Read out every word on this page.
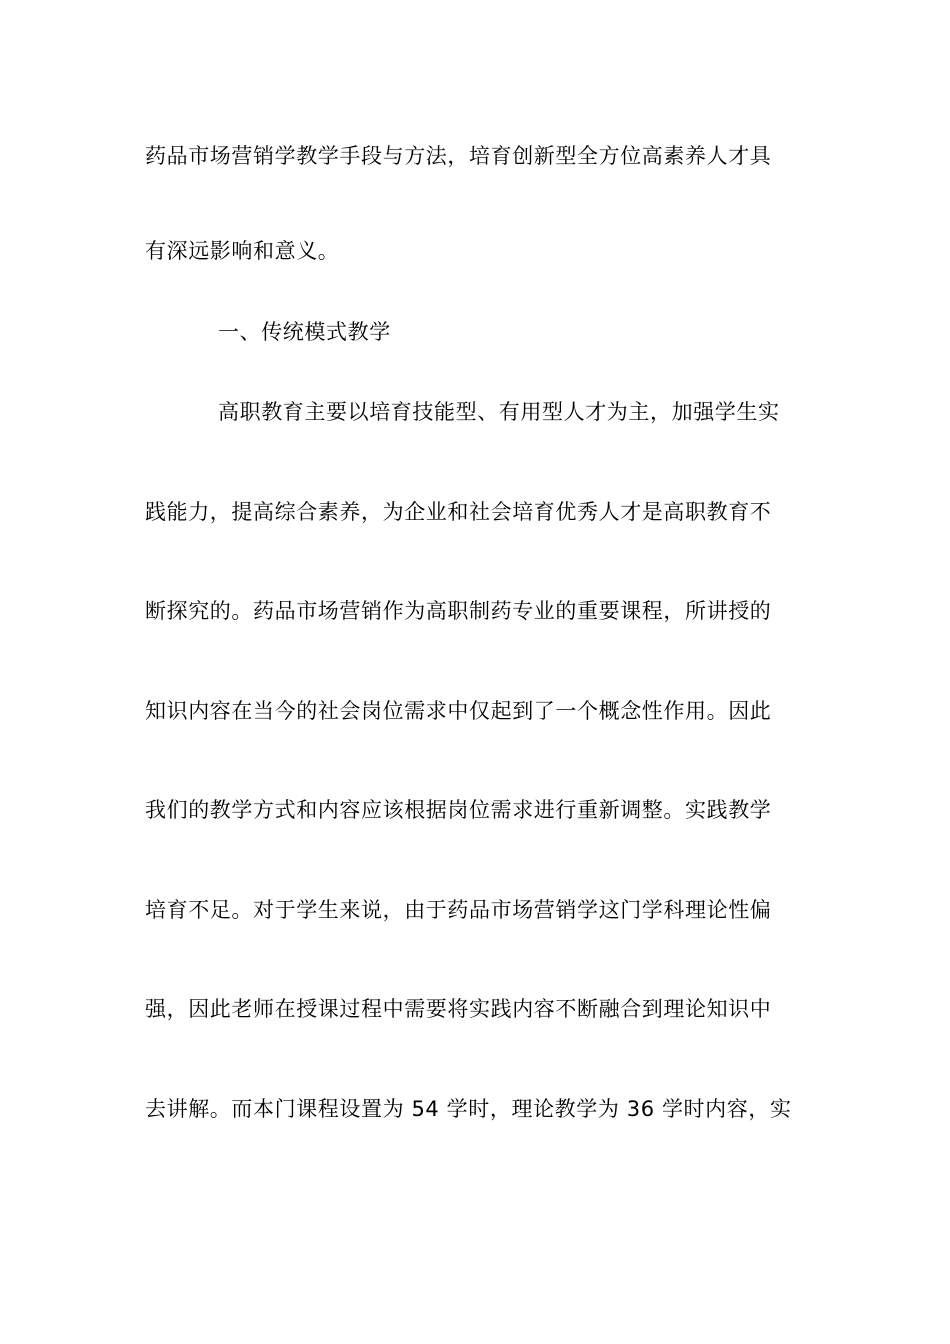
药品市场营销学教学手段与方法，培育创新型全方位高素养人才具
有深远影响和意义。
一、传统模式教学
高职教育主要以培育技能型、有用型人才为主，加强学生实
践能力，提高综合素养，为企业和社会培育优秀人才是高职教育不
断探究的。药品市场营销作为高职制药专业的重要课程，所讲授的
知识内容在当今的社会岗位需求中仅起到了一个概念性作用。因此
我们的教学方式和内容应该根据岗位需求进行重新调整。实践教学
培育不足。对于学生来说，由于药品市场营销学这门学科理论性偏
强，因此老师在授课过程中需要将实践内容不断融合到理论知识中
去讲解。而本门课程设置为 54 学时，理论教学为 36 学时内容，实
